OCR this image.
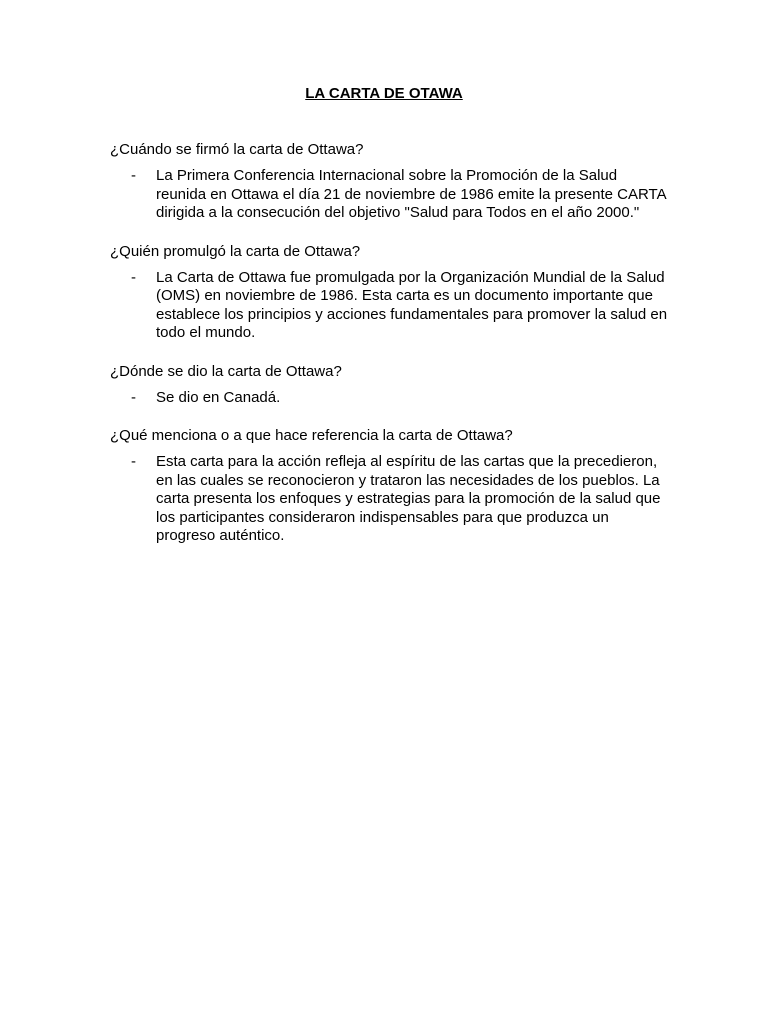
LA CARTA DE OTAWA
¿Cuándo se firmó la carta de Ottawa?
- La Primera Conferencia Internacional sobre la Promoción de la Salud reunida en Ottawa el día 21 de noviembre de 1986 emite la presente CARTA dirigida a la consecución del objetivo "Salud para Todos en el año 2000."
¿Quién promulgó la carta de Ottawa?
- La Carta de Ottawa fue promulgada por la Organización Mundial de la Salud (OMS) en noviembre de 1986. Esta carta es un documento importante que establece los principios y acciones fundamentales para promover la salud en todo el mundo.
¿Dónde se dio la carta de Ottawa?
- Se dio en Canadá.
¿Qué menciona o a que hace referencia la carta de Ottawa?
- Esta carta para la acción refleja al espíritu de las cartas que la precedieron, en las cuales se reconocieron y trataron las necesidades de los pueblos. La carta presenta los enfoques y estrategias para la promoción de la salud que los participantes consideraron indispensables para que produzca un progreso auténtico.
